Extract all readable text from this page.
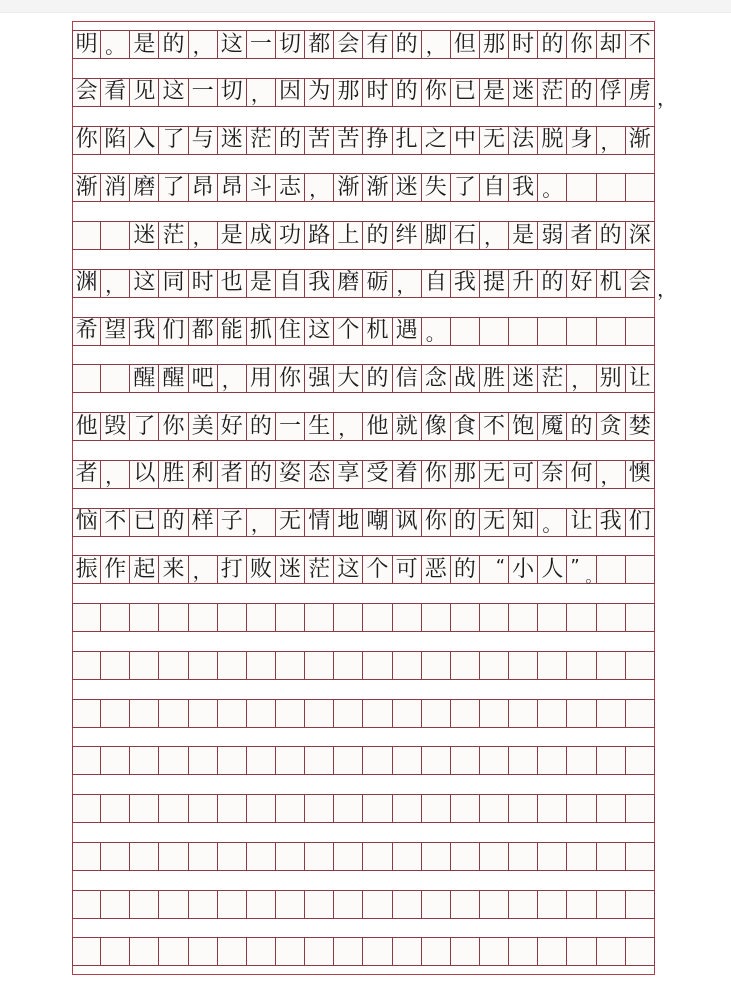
明 。 是 的 ， 这 一 切 都 会 有 的 ， 但 那 时 的 你 却 不
会 看 见 这 一 切 ， 因 为 那 时 的 你 已 是 迷 茫 的 俘 虏 ，
你 陷 入 了 与 迷 茫 的 苦 苦 挣 扎 之 中 无 法 脱 身 ， 渐
渐 消 磨 了 昂 昂 斗 志 ， 渐 渐 迷 失 了 自 我 。
迷 茫 ， 是 成 功 路 上 的 绊 脚 石 ， 是 弱 者 的 深
渊 ， 这 同 时 也 是 自 我 磨 砺 ， 自 我 提 升 的 好 机 会 ，
希 望 我 们 都 能 抓 住 这 个 机 遇 。
醒 醒 吧 ， 用 你 强 大 的 信 念 战 胜 迷 茫 ， 别 让
他 毁 了 你 美 好 的 一 生 ， 他 就 像 食 不 饱 魇 的 贪 婪
者 ， 以 胜 利 者 的 姿 态 享 受 着 你 那 无 可 奈 何 ， 懊
恼 不 已 的 样 子 ， 无 情 地 嘲 讽 你 的 无 知 。 让 我 们
振 作 起 来 ， 打 败 迷 茫 这 个 可 恶 的	“ 小 人 ” 。
